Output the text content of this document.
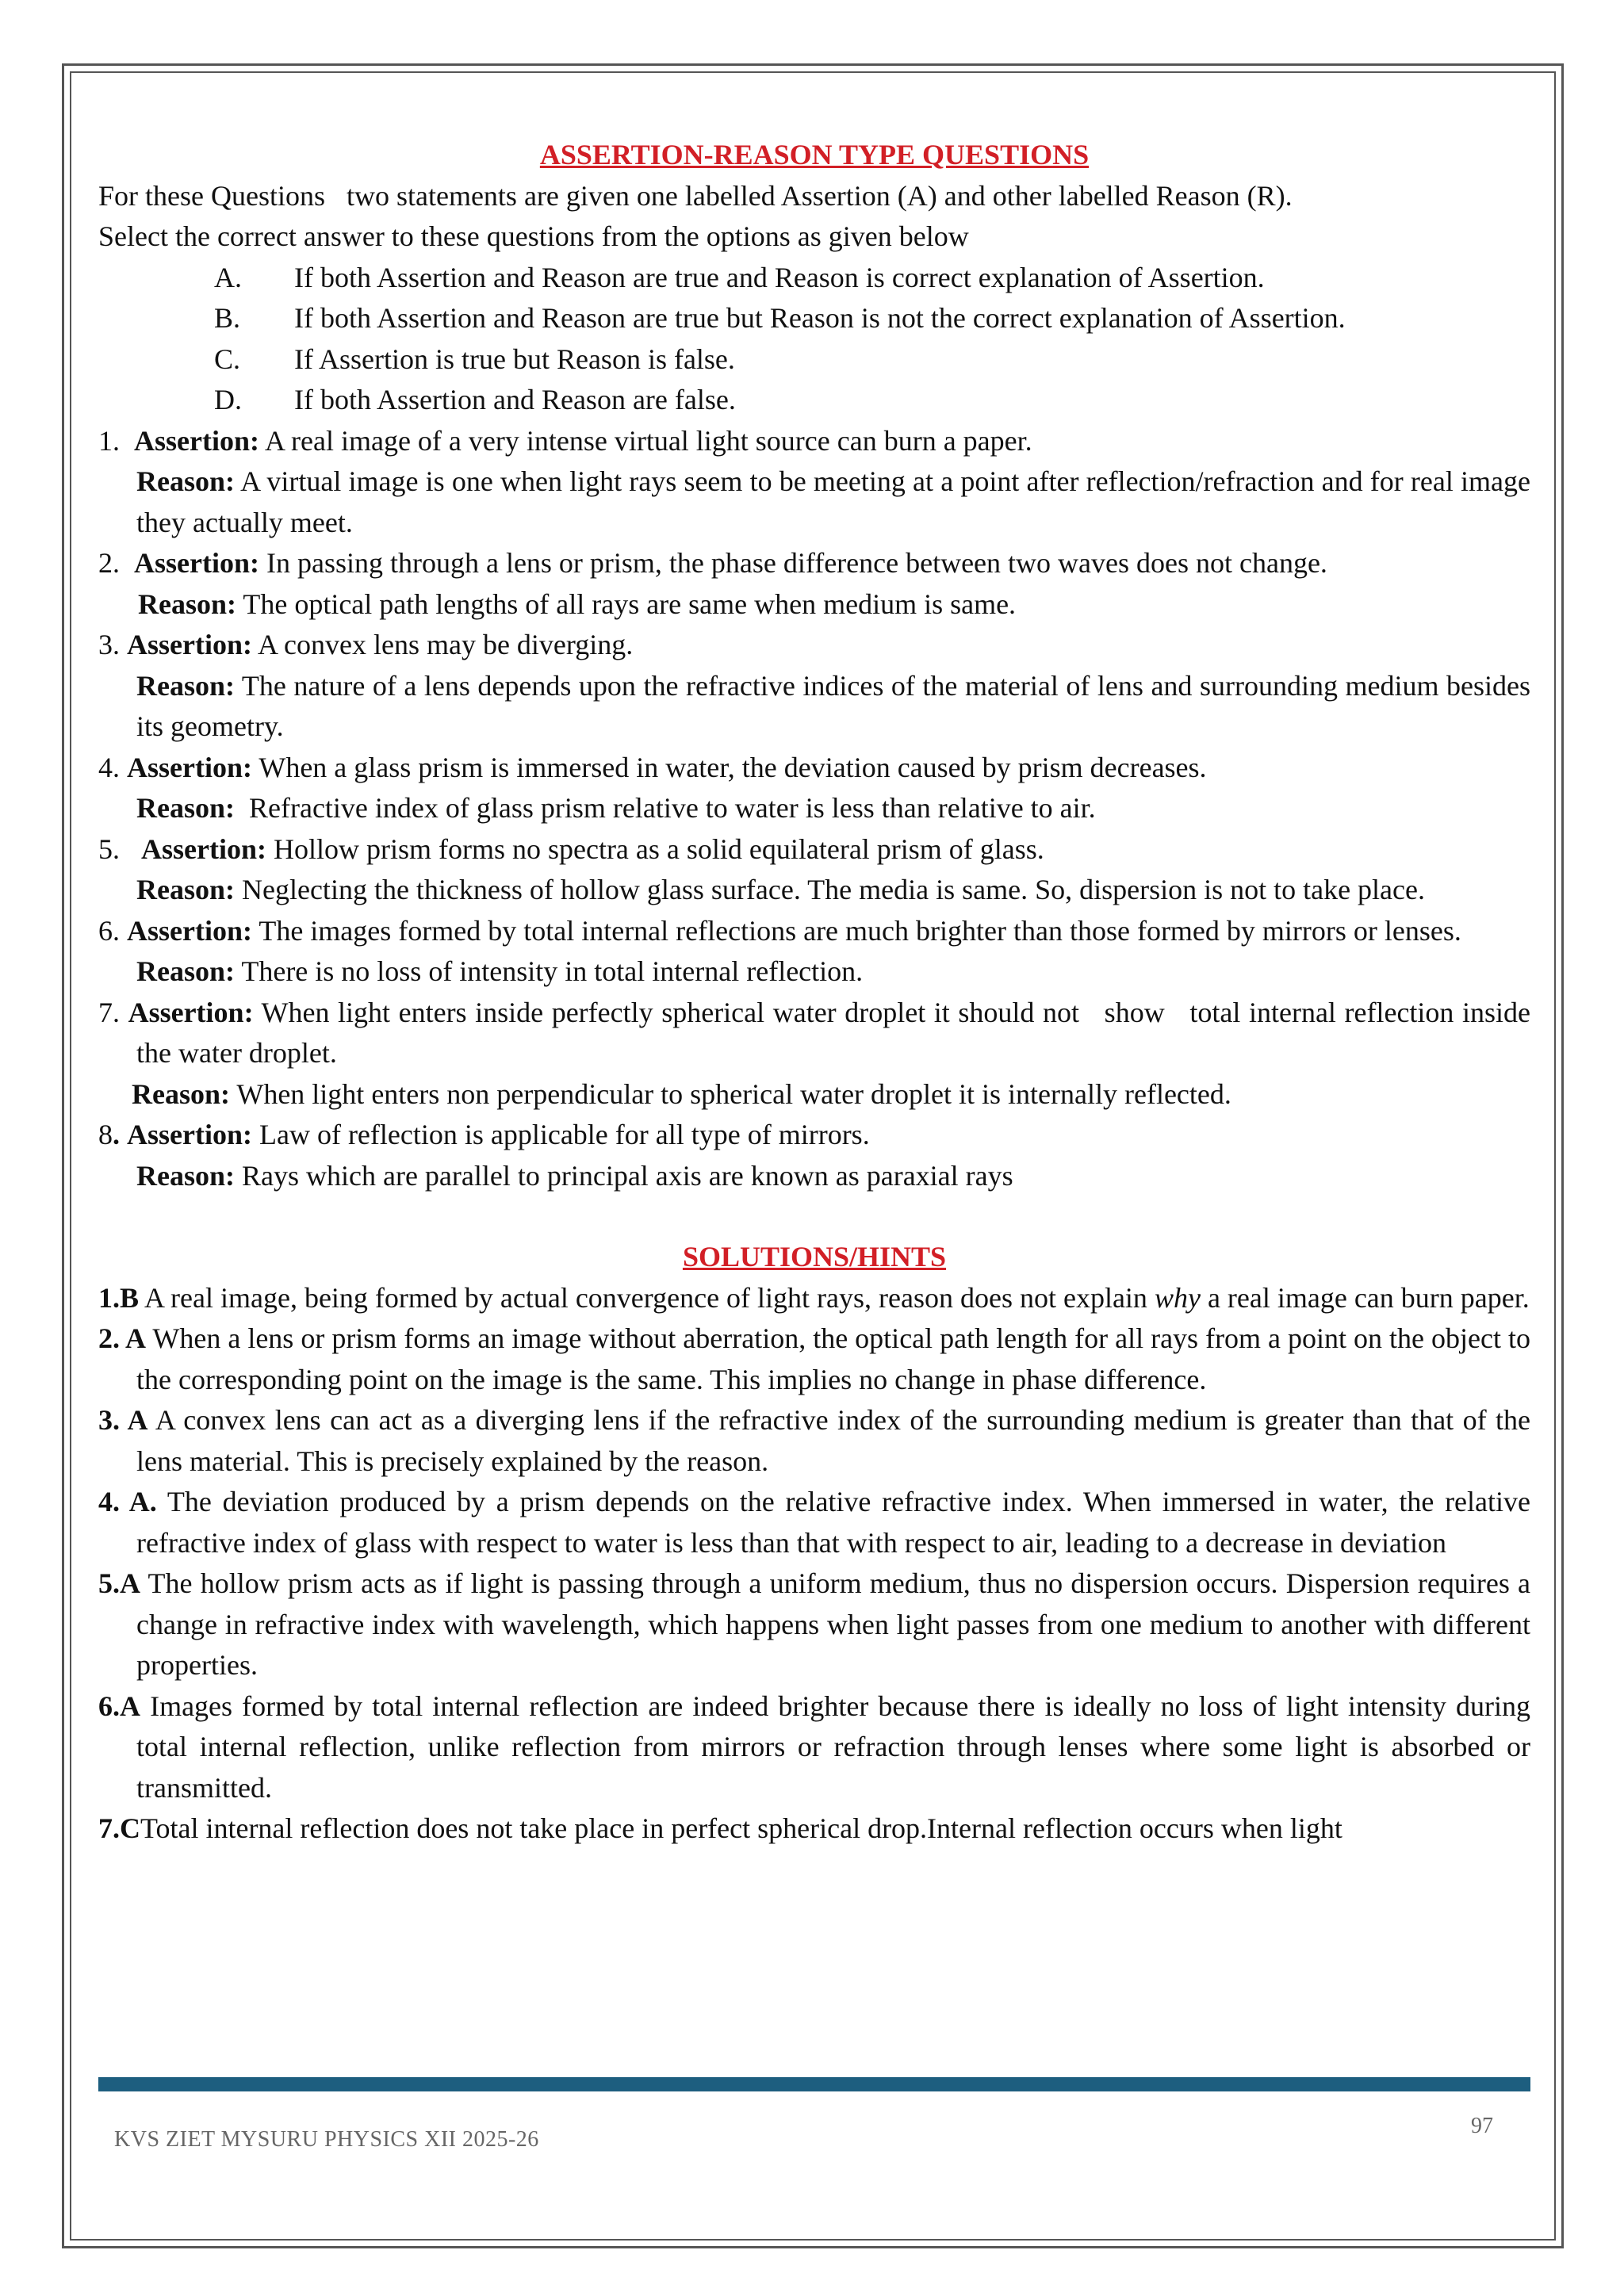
ASSERTION-REASON TYPE QUESTIONS

For these Questions   two statements are given one labelled Assertion (A) and other labelled Reason (R).
Select the correct answer to these questions from the options as given below

A.	If both Assertion and Reason are true and Reason is correct explanation of Assertion.
B.	If both Assertion and Reason are true but Reason is not the correct explanation of Assertion.
C.	If Assertion is true but Reason is false.
D.	If both Assertion and Reason are false.

1. Assertion: A real image of a very intense virtual light source can burn a paper.

Reason: A virtual image is one when light rays seem to be meeting at a point after reflection/refraction and for real image they actually meet.

2. Assertion: In passing through a lens or prism, the phase difference between two waves does not change.

Reason: The optical path lengths of all rays are same when medium is same.

3. Assertion: A convex lens may be diverging.

Reason: The nature of a lens depends upon the refractive indices of the material of lens and surrounding medium besides its geometry.

4. Assertion: When a glass prism is immersed in water, the deviation caused by prism decreases.

Reason:  Refractive index of glass prism relative to water is less than relative to air.

5. Assertion: Hollow prism forms no spectra as a solid equilateral prism of glass.

Reason: Neglecting the thickness of hollow glass surface. The media is same. So, dispersion is not to take place.

6. Assertion: The images formed by total internal reflections are much brighter than those formed by mirrors or lenses.

Reason: There is no loss of intensity in total internal reflection.

7. Assertion: When light enters inside perfectly spherical water droplet it should not   show   total internal reflection inside the water droplet.

Reason: When light enters non perpendicular to spherical water droplet it is internally reflected.

8. Assertion: Law of reflection is applicable for all type of mirrors.

Reason: Rays which are parallel to principal axis are known as paraxial rays

SOLUTIONS/HINTS

1.B A real image, being formed by actual convergence of light rays, reason does not explain why a real image can burn paper.

2. A When a lens or prism forms an image without aberration, the optical path length for all rays from a point on the object to the corresponding point on the image is the same. This implies no change in phase difference.

3. A A convex lens can act as a diverging lens if the refractive index of the surrounding medium is greater than that of the lens material. This is precisely explained by the reason.

4. A. The deviation produced by a prism depends on the relative refractive index. When immersed in water, the relative refractive index of glass with respect to water is less than that with respect to air, leading to a decrease in deviation

5.A The hollow prism acts as if light is passing through a uniform medium, thus no dispersion occurs. Dispersion requires a change in refractive index with wavelength, which happens when light passes from one medium to another with different properties.

6.A Images formed by total internal reflection are indeed brighter because there is ideally no loss of light intensity during total internal reflection, unlike reflection from mirrors or refraction through lenses where some light is absorbed or transmitted.

7.CTotal internal reflection does not take place in perfect spherical drop.Internal reflection occurs when light

KVS ZIET MYSURU PHYSICS XII 2025-26
97
